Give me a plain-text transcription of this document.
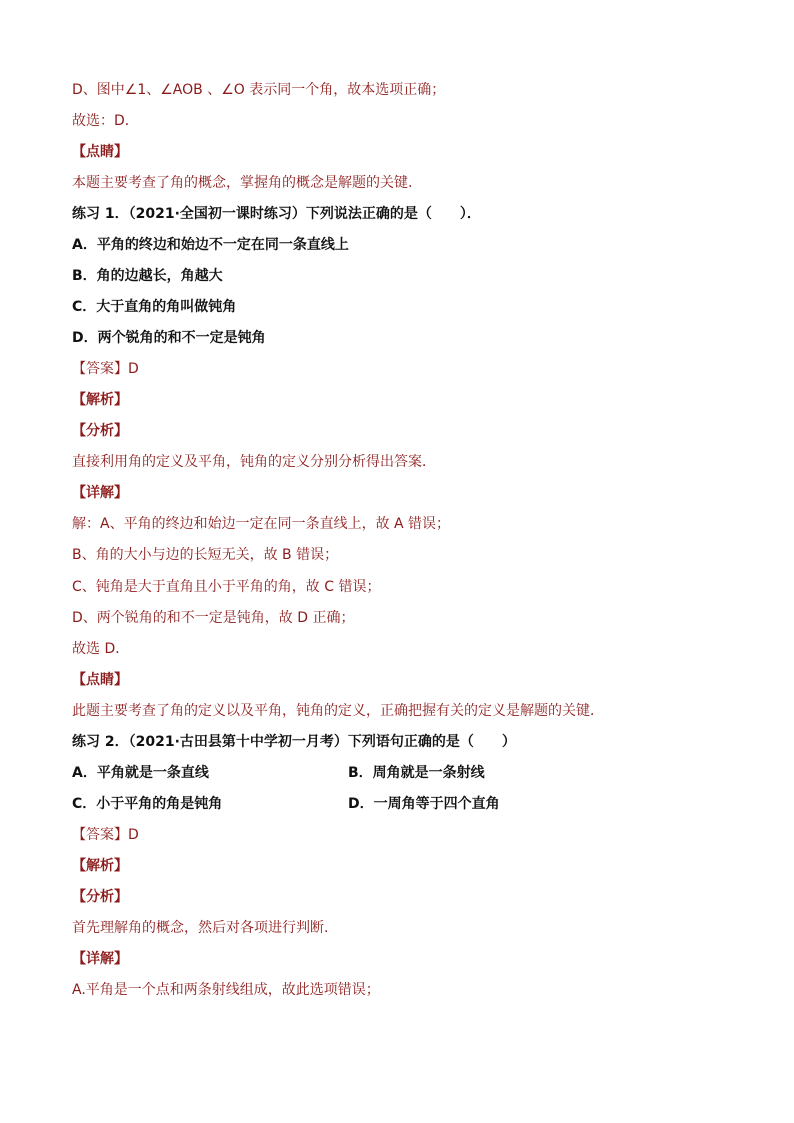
D、图中∠1、∠AOB 、∠O 表示同一个角，故本选项正确；
故选：D．
【点睛】
本题主要考查了角的概念，掌握角的概念是解题的关键.
练习 1．（2021·全国初一课时练习）下列说法正确的是（　　）．
A．平角的终边和始边不一定在同一条直线上
B．角的边越长，角越大
C．大于直角的角叫做钝角
D．两个锐角的和不一定是钝角
【答案】D
【解析】
【分析】
直接利用角的定义及平角，钝角的定义分别分析得出答案．
【详解】
解：A、平角的终边和始边一定在同一条直线上，故 A 错误；
B、角的大小与边的长短无关，故 B 错误；
C、钝角是大于直角且小于平角的角，故 C 错误；
D、两个锐角的和不一定是钝角，故 D 正确；
故选 D．
【点睛】
此题主要考查了角的定义以及平角，钝角的定义，正确把握有关的定义是解题的关键．
练习 2．（2021·古田县第十中学初一月考）下列语句正确的是（　　）
A．平角就是一条直线	B．周角就是一条射线
C．小于平角的角是钝角	D．一周角等于四个直角
【答案】D
【解析】
【分析】
首先理解角的概念，然后对各项进行判断.
【详解】
A.平角是一个点和两条射线组成，故此选项错误；
